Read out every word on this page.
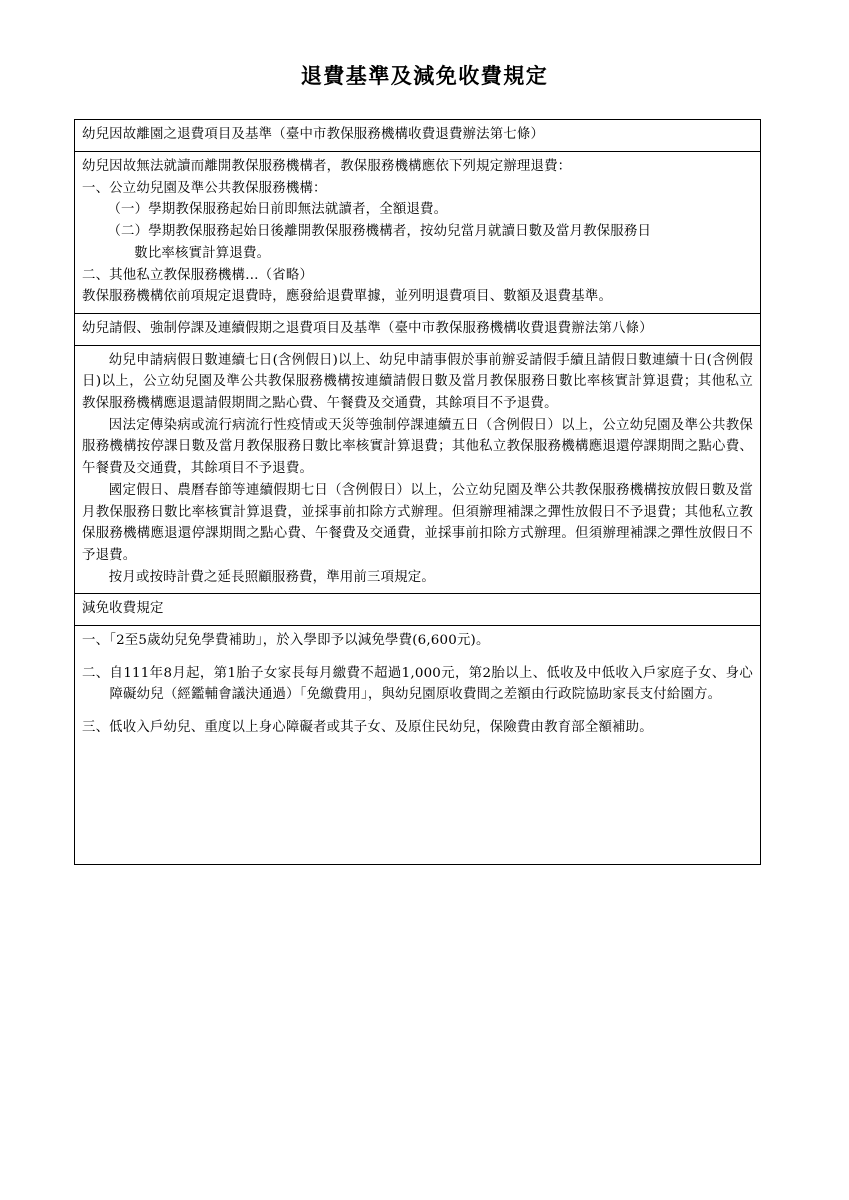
退費基準及減免收費規定
幼兒因故離園之退費項目及基準（臺中市教保服務機構收費退費辦法第七條）

幼兒因故無法就讀而離開教保服務機構者，教保服務機構應依下列規定辦理退費：
一、公立幼兒園及準公共教保服務機構：
（一）學期教保服務起始日前即無法就讀者，全額退費。
（二）學期教保服務起始日後離開教保服務機構者，按幼兒當月就讀日數及當月教保服務日
數比率核實計算退費。
二、其他私立教保服務機構…（省略）
教保服務機構依前項規定退費時，應發給退費單據，並列明退費項目、數額及退費基準。

幼兒請假、強制停課及連續假期之退費項目及基準（臺中市教保服務機構收費退費辦法第八條）

幼兒申請病假日數連續七日(含例假日)以上、幼兒申請事假於事前辦妥請假手續且請假日數連續十日(含例假日)以上，公立幼兒園及準公共教保服務機構按連續請假日數及當月教保服務日數比率核實計算退費；其他私立教保服務機構應退還請假期間之點心費、午餐費及交通費，其餘項目不予退費。

因法定傳染病或流行病流行性疫情或天災等強制停課連續五日（含例假日）以上，公立幼兒園及準公共教保服務機構按停課日數及當月教保服務日數比率核實計算退費；其他私立教保服務機構應退還停課期間之點心費、午餐費及交通費，其餘項目不予退費。

國定假日、農曆春節等連續假期七日（含例假日）以上，公立幼兒園及準公共教保服務機構按放假日數及當月教保服務日數比率核實計算退費，並採事前扣除方式辦理。但須辦理補課之彈性放假日不予退費；其他私立教保服務機構應退還停課期間之點心費、午餐費及交通費，並採事前扣除方式辦理。但須辦理補課之彈性放假日不予退費。

按月或按時計費之延長照顧服務費，準用前三項規定。

減免收費規定

一、「2至5歲幼兒免學費補助」，於入學即予以減免學費(6,600元)。

二、自111年8月起，第1胎子女家長每月繳費不超過1,000元，第2胎以上、低收及中低收入戶家庭子女、身心障礙幼兒（經鑑輔會議決通過）「免繳費用」，與幼兒園原收費間之差額由行政院協助家長支付給園方。

三、低收入戶幼兒、重度以上身心障礙者或其子女、及原住民幼兒，保險費由教育部全額補助。
